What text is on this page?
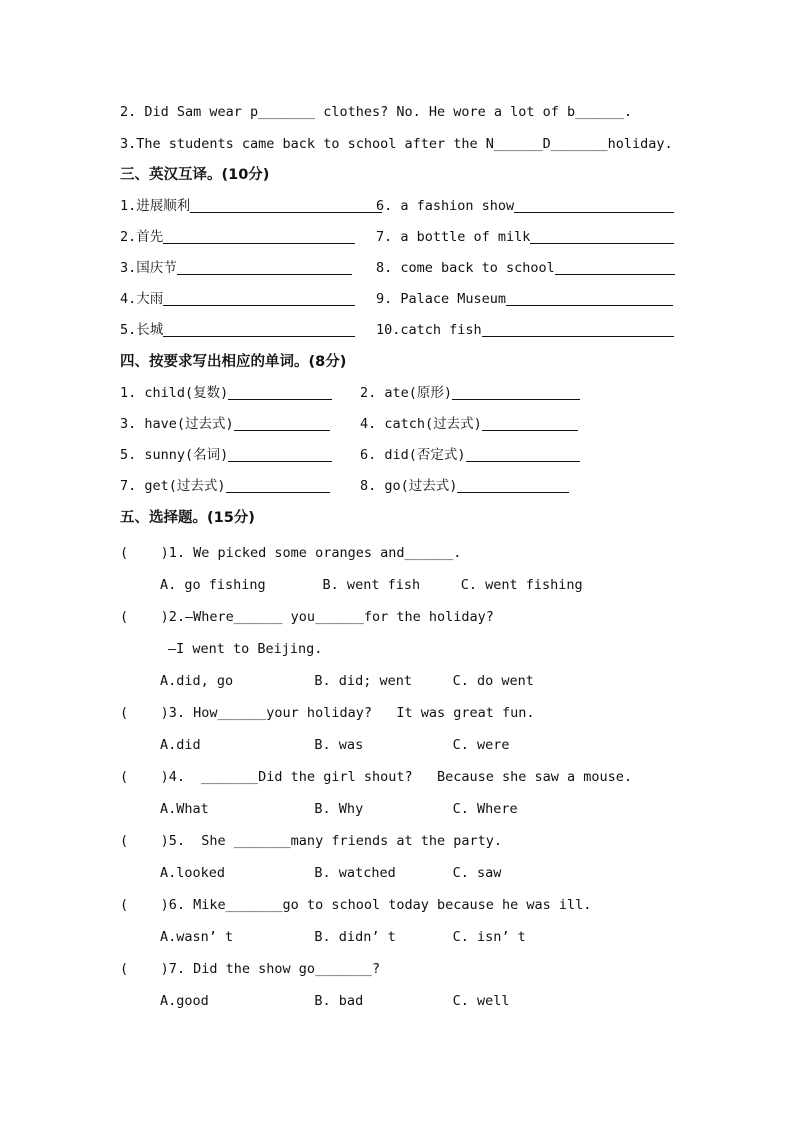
2. Did Sam wear p_______ clothes? No. He wore a lot of b______.
3.The students came back to school after the N______D_______holiday.
三、英汉互译。(10分)
1.进展顺利	6. a fashion show
2.首先	7. a bottle of milk
3.国庆节	8. come back to school
4.大雨	9. Palace Museum
5.长城	10.catch fish
四、按要求写出相应的单词。(8分)
1. child(复数)	2. ate(原形)
3. have(过去式)	4. catch(过去式)
5. sunny(名词)	6. did(否定式)
7. get(过去式)	8. go(过去式)
五、选择题。(15分)
(    )1. We picked some oranges and______.
A. go fishing       B. went fish     C. went fishing
(    )2.—Where______ you______for the holiday?
—I went to Beijing.
A.did, go          B. did; went     C. do went
(    )3. How______your holiday?   It was great fun.
A.did              B. was           C. were
(    )4.  _______Did the girl shout?   Because she saw a mouse.
A.What             B. Why           C. Where
(    )5.  She _______many friends at the party.
A.looked           B. watched       C. saw
(    )6. Mike_______go to school today because he was ill.
A.wasn’ t          B. didn’ t       C. isn’ t
(    )7. Did the show go_______?
A.good             B. bad           C. well
